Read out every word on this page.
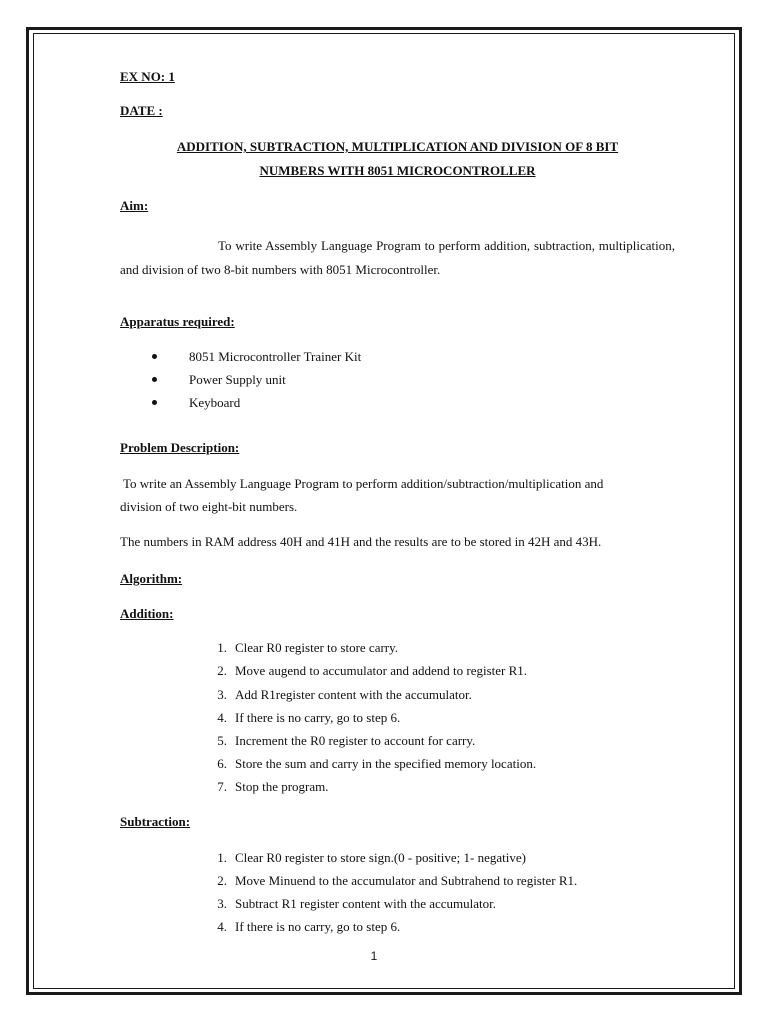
EX NO: 1
DATE :
ADDITION, SUBTRACTION, MULTIPLICATION AND DIVISION OF 8 BIT
NUMBERS WITH 8051 MICROCONTROLLER
Aim:
To write Assembly Language Program to perform addition, subtraction, multiplication, and division of two 8-bit numbers with 8051 Microcontroller.
Apparatus required:
8051 Microcontroller Trainer Kit
Power Supply unit
Keyboard
Problem Description:
To write an Assembly Language Program to perform addition/subtraction/multiplication and
division of two eight-bit numbers.
The numbers in RAM address 40H and 41H and the results are to be stored in 42H and 43H.
Algorithm:
Addition:
1. Clear R0 register to store carry.
2. Move augend to accumulator and addend to register R1.
3. Add R1register content with the accumulator.
4. If there is no carry, go to step 6.
5. Increment the R0 register to account for carry.
6. Store the sum and carry in the specified memory location.
7. Stop the program.
Subtraction:
1. Clear R0 register to store sign.(0 - positive; 1- negative)
2. Move Minuend to the accumulator and Subtrahend to register R1.
3. Subtract R1 register content with the accumulator.
4. If there is no carry, go to step 6.
1
